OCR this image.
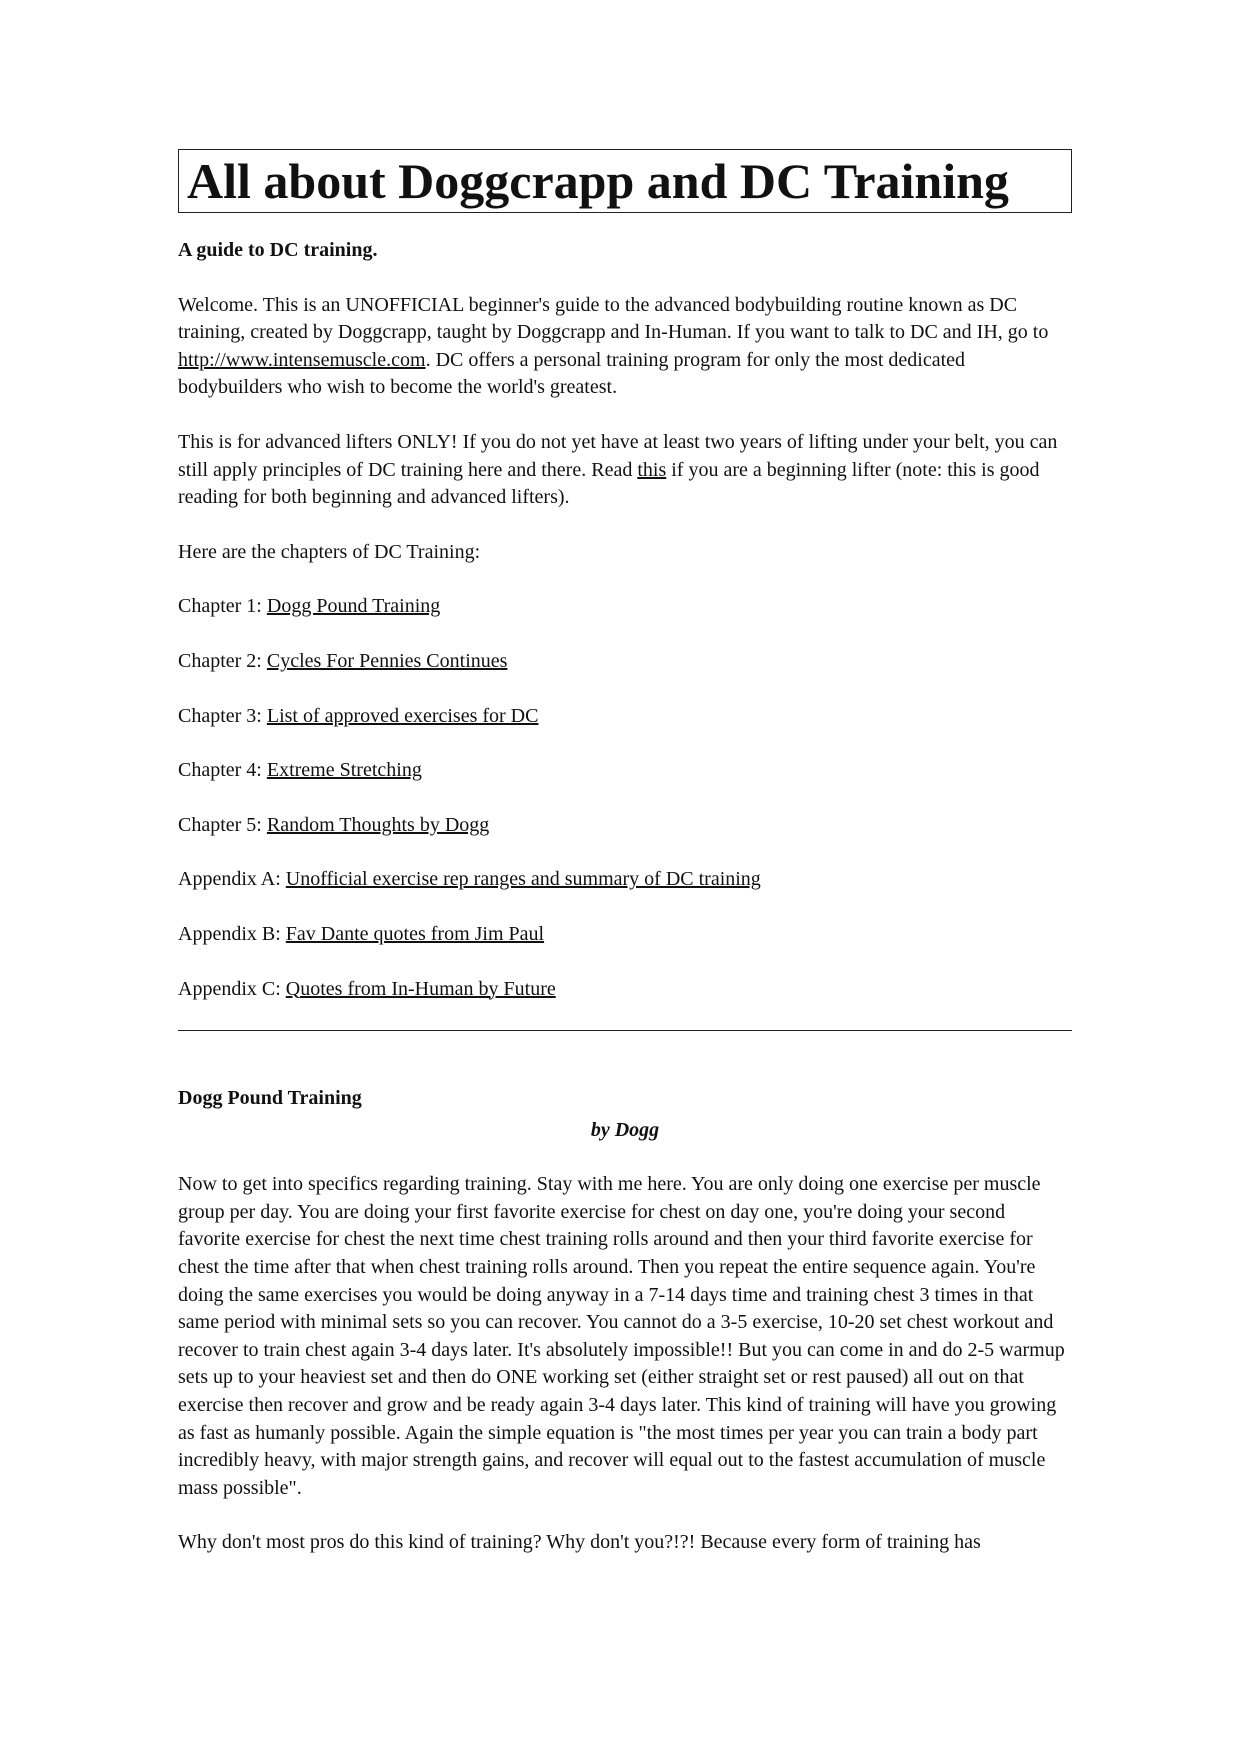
All about Doggcrapp and DC Training

A guide to DC training.

Welcome. This is an UNOFFICIAL beginner's guide to the advanced bodybuilding routine known as DC training, created by Doggcrapp, taught by Doggcrapp and In-Human. If you want to talk to DC and IH, go to http://www.intensemuscle.com. DC offers a personal training program for only the most dedicated bodybuilders who wish to become the world's greatest.

This is for advanced lifters ONLY! If you do not yet have at least two years of lifting under your belt, you can still apply principles of DC training here and there. Read this if you are a beginning lifter (note: this is good reading for both beginning and advanced lifters).

Here are the chapters of DC Training:

Chapter 1: Dogg Pound Training

Chapter 2: Cycles For Pennies Continues

Chapter 3: List of approved exercises for DC

Chapter 4: Extreme Stretching

Chapter 5: Random Thoughts by Dogg

Appendix A: Unofficial exercise rep ranges and summary of DC training

Appendix B: Fav Dante quotes from Jim Paul

Appendix C: Quotes from In-Human by Future

Dogg Pound Training

by Dogg

Now to get into specifics regarding training. Stay with me here. You are only doing one exercise per muscle group per day. You are doing your first favorite exercise for chest on day one, you're doing your second favorite exercise for chest the next time chest training rolls around and then your third favorite exercise for chest the time after that when chest training rolls around. Then you repeat the entire sequence again. You're doing the same exercises you would be doing anyway in a 7-14 days time and training chest 3 times in that same period with minimal sets so you can recover. You cannot do a 3-5 exercise, 10-20 set chest workout and recover to train chest again 3-4 days later. It's absolutely impossible!! But you can come in and do 2-5 warmup sets up to your heaviest set and then do ONE working set (either straight set or rest paused) all out on that exercise then recover and grow and be ready again 3-4 days later. This kind of training will have you growing as fast as humanly possible. Again the simple equation is "the most times per year you can train a body part incredibly heavy, with major strength gains, and recover will equal out to the fastest accumulation of muscle mass possible".

Why don't most pros do this kind of training? Why don't you?!?! Because every form of training has
